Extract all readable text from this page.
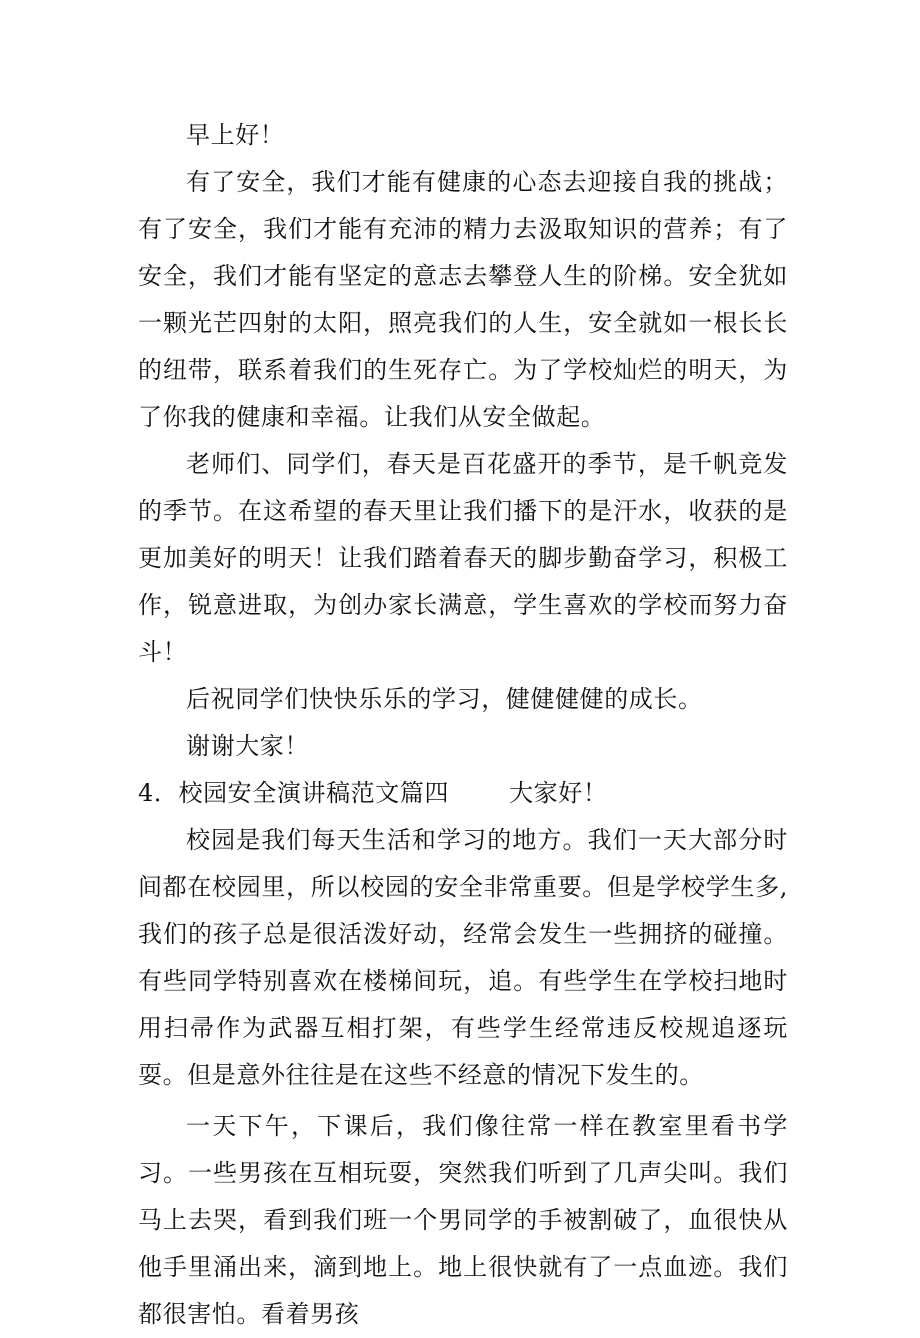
早上好！

有了安全，我们才能有健康的心态去迎接自我的挑战；有了安全，我们才能有充沛的精力去汲取知识的营养；有了安全，我们才能有坚定的意志去攀登人生的阶梯。安全犹如一颗光芒四射的太阳，照亮我们的人生，安全就如一根长长的纽带，联系着我们的生死存亡。为了学校灿烂的明天，为了你我的健康和幸福。让我们从安全做起。

老师们、同学们，春天是百花盛开的季节，是千帆竞发的季节。在这希望的春天里让我们播下的是汗水，收获的是更加美好的明天！让我们踏着春天的脚步勤奋学习，积极工作，锐意进取，为创办家长满意，学生喜欢的学校而努力奋斗！

后祝同学们快快乐乐的学习，健健健健的成长。

谢谢大家！

4．校园安全演讲稿范文篇四	大家好！

校园是我们每天生活和学习的地方。我们一天大部分时间都在校园里，所以校园的安全非常重要。但是学校学生多,我们的孩子总是很活泼好动，经常会发生一些拥挤的碰撞。有些同学特别喜欢在楼梯间玩，追。有些学生在学校扫地时用扫帚作为武器互相打架，有些学生经常违反校规追逐玩耍。但是意外往往是在这些不经意的情况下发生的。

一天下午，下课后，我们像往常一样在教室里看书学习。一些男孩在互相玩耍，突然我们听到了几声尖叫。我们马上去哭，看到我们班一个男同学的手被割破了，血很快从他手里涌出来，滴到地上。地上很快就有了一点血迹。我们都很害怕。看着男孩
